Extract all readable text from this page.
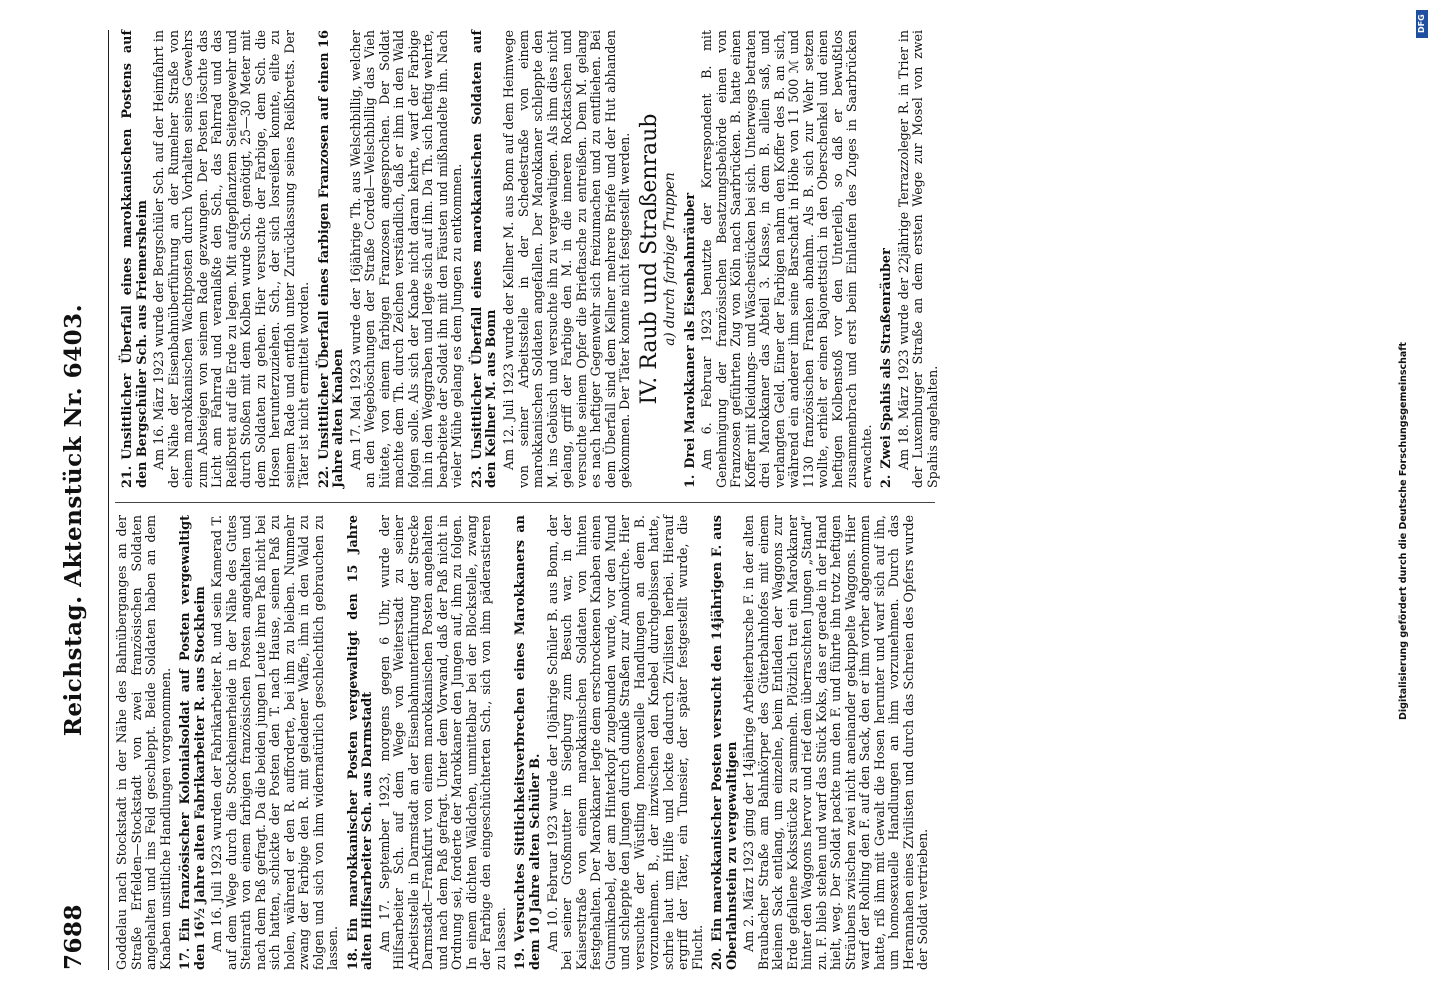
7688
Reichstag. Aktenstück Nr. 6403. Goddelau nach Stockstadt in der Nähe des Bahnüberganges an der Straße Erfelden—Stockstadt von zwei französischen Soldaten angehalten und ins Feld geschleppt. Beide Soldaten haben an dem Knaben unsittliche Handlungen vorgenommen. 17.Ein französischer Kolonialsoldat auf Posten vergewaltigt den 16½ Jahre alten Fabrikarbeiter R. aus Stockheim Am 16. Juli 1923 wurden der Fabrikarbeiter R. und sein Kamerad T. auf dem Wege durch die Stockheimerheide in der Nähe des Gutes Steinrath von einem farbigen französischen Posten angehalten und nach dem Paß gefragt. Da die beiden jungen Leute ihren Paß nicht bei sich hatten, schickte der Posten den T. nach Hause, seinen Paß zu holen, während er den R. aufforderte, bei ihm zu bleiben. Nunmehr zwang der Farbige den R. mit geladener Waffe, ihm in den Wald zu folgen und sich von ihm widernatürlich geschlechtlich gebrauchen zu lassen. 18.Ein marokkanischer Posten vergewaltigt den 15 Jahre alten Hilfsarbeiter Sch. aus Darmstadt Am 17. September 1923, morgens gegen 6 Uhr, wurde der Hilfsarbeiter Sch. auf dem Wege von Weiterstadt zu seiner Arbeitsstelle in Darmstadt an der Eisenbahnunterführung der Strecke Darmstadt—Frankfurt von einem marokkanischen Posten angehalten und nach dem Paß gefragt. Unter dem Vorwand, daß der Paß nicht in Ordnung sei, forderte der Marokkaner den Jungen auf, ihm zu folgen. In einem dichten Wäldchen, unmittelbar bei der Blockstelle, zwang der Farbige den eingeschüchterten Sch., sich von ihm päderastieren zu lassen. 19.Versuchtes Sittlichkeitsverbrechen eines Marokkaners an dem 10 Jahre alten Schüler B. Am 10. Februar 1923 wurde der 10jährige Schüler B. aus Bonn, der bei seiner Großmutter in Siegburg zum Besuch war, in der Kaiserstraße von einem marokkanischen Soldaten von hinten festgehalten. Der Marokkaner legte dem erschrockenen Knaben einen Gummiknebel, der am Hinterkopf zugebunden wurde, vor den Mund und schleppte den Jungen durch dunkle Straßen zur Annokirche. Hier versuchte der Wüstling homosexuelle Handlungen an dem B. vorzunehmen. B., der inzwischen den Knebel durchgebissen hatte, schrie laut um Hilfe und lockte dadurch Zivilisten herbei. Hierauf ergriff der Täter, ein Tunesier, der später festgestellt wurde, die Flucht. 20.Ein marokkanischer Posten versucht den 14jährigen F. aus Oberlahnstein zu vergewaltigen Am 2. März 1923 ging der 14jährige Arbeiterbursche F. in der alten Braubacher Straße am Bahnkörper des Güterbahnhofes mit einem kleinen Sack entlang, um einzelne, beim Entladen der Waggons zur Erde gefallene Koksstücke zu sammeln. Plötzlich trat ein Marokkaner hinter den Waggons hervor und rief dem überraschten Jungen „Stand“ zu. F. blieb stehen und warf das Stück Koks, das er gerade in der Hand hielt, weg. Der Soldat packte nun den F. und führte ihn trotz heftigen Sträubens zwischen zwei nicht aneinander gekuppelte Waggons. Hier warf der Rohling den F. auf den Sack, den er ihm vorher abgenommen hatte, riß ihm mit Gewalt die Hosen herunter und warf sich auf ihn, um homosexuelle Handlungen an ihm vorzunehmen. Durch das Herannahen eines Zivilisten und durch das Schreien des Opfers wurde der Soldat vertrieben.

21.Unsittlicher Überfall eines marokkanischen Postens auf den Bergschüler Sch. aus Friemersheim Am 16. März 1923 wurde der Bergschüler Sch. auf der Heimfahrt in der Nähe der Eisenbahnüberführung an der Rumelner Straße von einem marokkanischen Wachtposten durch Vorhalten seines Gewehrs zum Absteigen von seinem Rade gezwungen. Der Posten löschte das Licht am Fahrrad und veranlaßte den Sch., das Fahrrad und das Reißbrett auf die Erde zu legen. Mit aufgepflanztem Seitengewehr und durch Stoßen mit dem Kolben wurde Sch. genötigt, 25—30 Meter mit dem Soldaten zu gehen. Hier versuchte der Farbige, dem Sch. die Hosen herunterzuziehen. Sch., der sich losreißen konnte, eilte zu seinem Rade und entfloh unter Zurücklassung seines Reißbretts. Der Täter ist nicht ermittelt worden. 22.Unsittlicher Überfall eines farbigen Franzosen auf einen 16 Jahre alten Knaben Am 17. Mai 1923 wurde der 16jährige Th. aus Welschbillig, welcher an den Wegeböschungen der Straße Cordel—Welschbillig das Vieh hütete, von einem farbigen Franzosen angesprochen. Der Soldat machte dem Th. durch Zeichen verständlich, daß er ihm in den Wald folgen solle. Als sich der Knabe nicht daran kehrte, warf der Farbige ihn in den Weggraben und legte sich auf ihn. Da Th. sich heftig wehrte, bearbeitete der Soldat ihn mit den Fäusten und mißhandelte ihn. Nach vieler Mühe gelang es dem Jungen zu entkommen. 23.Unsittlicher Überfall eines marokkanischen Soldaten auf den Kellner M. aus Bonn Am 12. Juli 1923 wurde der Kellner M. aus Bonn auf dem Heimwege von seiner Arbeitsstelle in der Schedestraße von einem marokkanischen Soldaten angefallen. Der Marokkaner schleppte den M. ins Gebüsch und versuchte ihn zu vergewaltigen. Als ihm dies nicht gelang, griff der Farbige den M. in die inneren Rocktaschen und versuchte seinem Opfer die Brieftasche zu entreißen. Dem M. gelang es nach heftiger Gegenwehr sich freizumachen und zu entfliehen. Bei dem Überfall sind dem Kellner mehrere Briefe und der Hut abhanden gekommen. Der Täter konnte nicht festgestellt werden. IV. Raub und Straßenraub a) durch farbige Truppen
1.Drei Marokkaner als Eisenbahnräuber Am 6. Februar 1923 benutzte der Korrespondent B. mit Genehmigung der französischen Besatzungsbehörde einen von Franzosen geführten Zug von Köln nach Saarbrücken. B. hatte einen Koffer mit Kleidungs- und Wäschestücken bei sich. Unterwegs betraten drei Marokkaner das Abteil 3. Klasse, in dem B. allein saß, und verlangten Geld. Einer der Farbigen nahm den Koffer des B. an sich, während ein anderer ihm seine Barschaft in Höhe von 11 500 ℳ und 1130 französischen Franken abnahm. Als B. sich zur Wehr setzen wollte, erhielt er einen Bajonettstich in den Oberschenkel und einen heftigen Kolbenstoß vor den Unterleib, so daß er bewußtlos zusammenbrach und erst beim Einlaufen des Zuges in Saarbrücken erwachte. 2.Zwei Spahis als Straßenräuber Am 18. März 1923 wurde der 22jährige Terrazzoleger R. in Trier in der Luxemburger Straße an dem ersten Wege zur Mosel von zwei Spahis angehalten.	Digitalisierung gefördert durch die Deutsche Forschungsgemeinschaft
DFG
